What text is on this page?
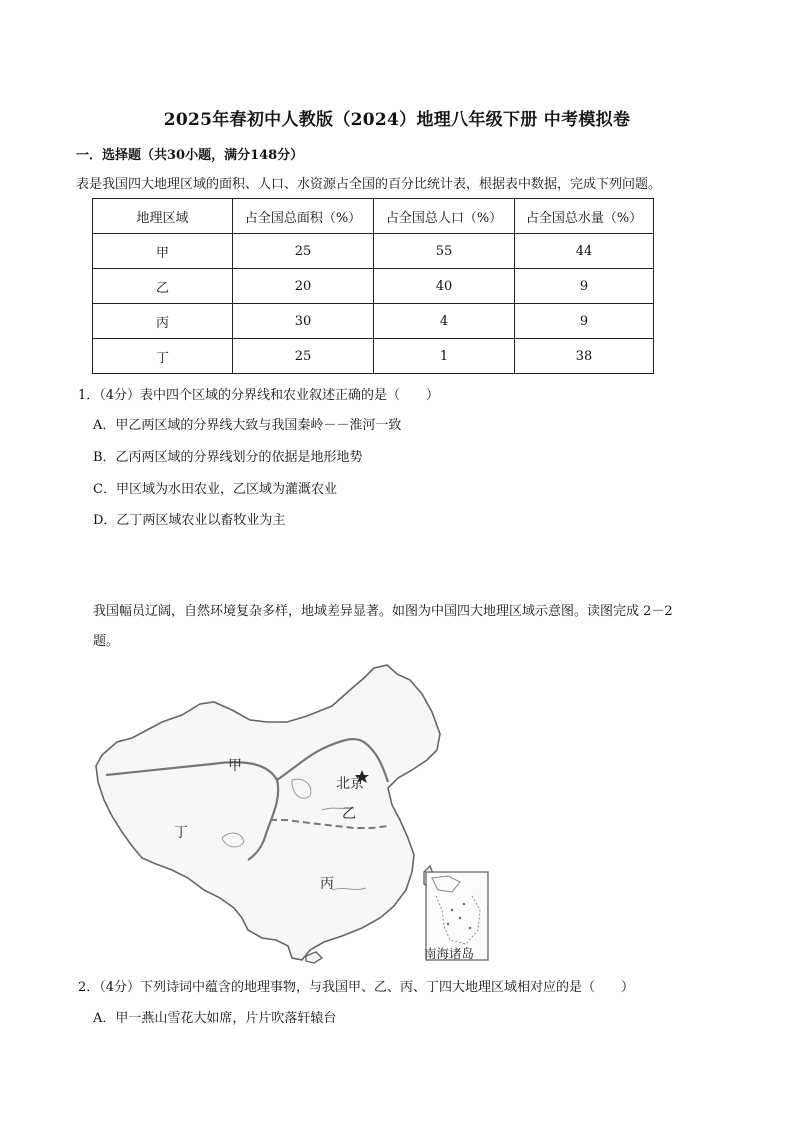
2025年春初中人教版（2024）地理八年级下册 中考模拟卷
一．选择题（共30小题，满分148分）
表是我国四大地理区域的面积、人口、水资源占全国的百分比统计表，根据表中数据，完成下列问题。
地理区域	占全国总面积（%）	占全国总人口（%）	占全国总水量（%）
甲	25	55	44
乙	20	40	9
丙	30	4	9
丁	25	1	38
1．（4分）表中四个区域的分界线和农业叙述正确的是（　　）
A．甲乙两区域的分界线大致与我国秦岭－－淮河一致
B．乙丙两区域的分界线划分的依据是地形地势
C．甲区域为水田农业，乙区域为灌溉农业
D．乙丁两区域农业以畜牧业为主
我国幅员辽阔，自然环境复杂多样，地域差异显著。如图为中国四大地理区域示意图。读图完成 2－2
题。
甲
乙
丙
丁
北京
南海诸岛
2．（4分）下列诗词中蕴含的地理事物，与我国甲、乙、丙、丁四大地理区域相对应的是（　　）
A．甲一燕山雪花大如席，片片吹落轩辕台
